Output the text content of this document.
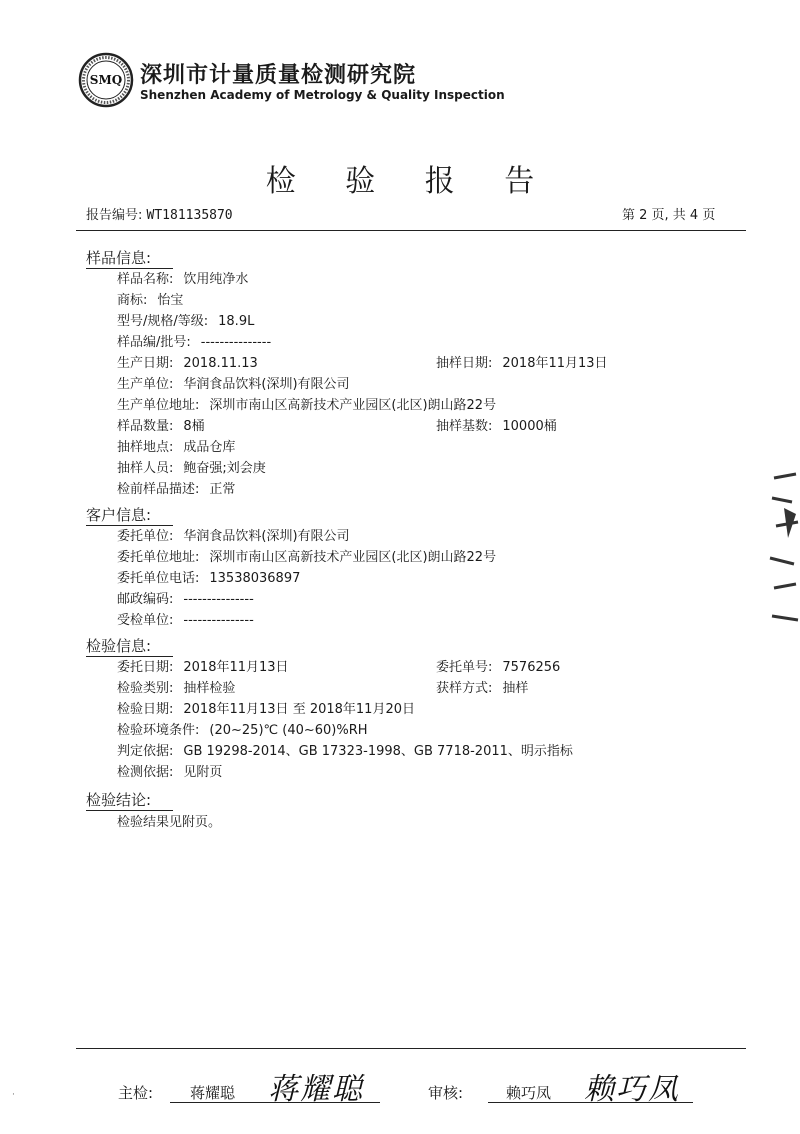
SMQ 深圳市计量质量检测研究院
Shenzhen Academy of Metrology & Quality Inspection
检 验 报 告
报告编号: WT181135870	第 2 页, 共 4 页
样品信息:
样品名称: 饮用纯净水
商标: 怡宝
型号/规格/等级: 18.9L
样品编/批号: ---------------
生产日期: 2018.11.13	抽样日期: 2018年11月13日
生产单位: 华润食品饮料(深圳)有限公司
生产单位地址: 深圳市南山区高新技术产业园区(北区)朗山路22号
样品数量: 8桶	抽样基数: 10000桶
抽样地点: 成品仓库
抽样人员: 鲍奋强;刘会庚
检前样品描述: 正常
客户信息:
委托单位: 华润食品饮料(深圳)有限公司
委托单位地址: 深圳市南山区高新技术产业园区(北区)朗山路22号
委托单位电话: 13538036897
邮政编码: ---------------
受检单位: ---------------
检验信息:
委托日期: 2018年11月13日	委托单号: 7576256
检验类别: 抽样检验	获样方式: 抽样
检验日期: 2018年11月13日 至 2018年11月20日
检验环境条件: (20~25)℃ (40~60)%RH
判定依据: GB 19298-2014、GB 17323-1998、GB 7718-2011、明示指标
检测依据: 见附页
检验结论:
检验结果见附页。
主检: 蒋耀聪 蒋耀聪	审核:	赖巧凤 赖巧凤
·
